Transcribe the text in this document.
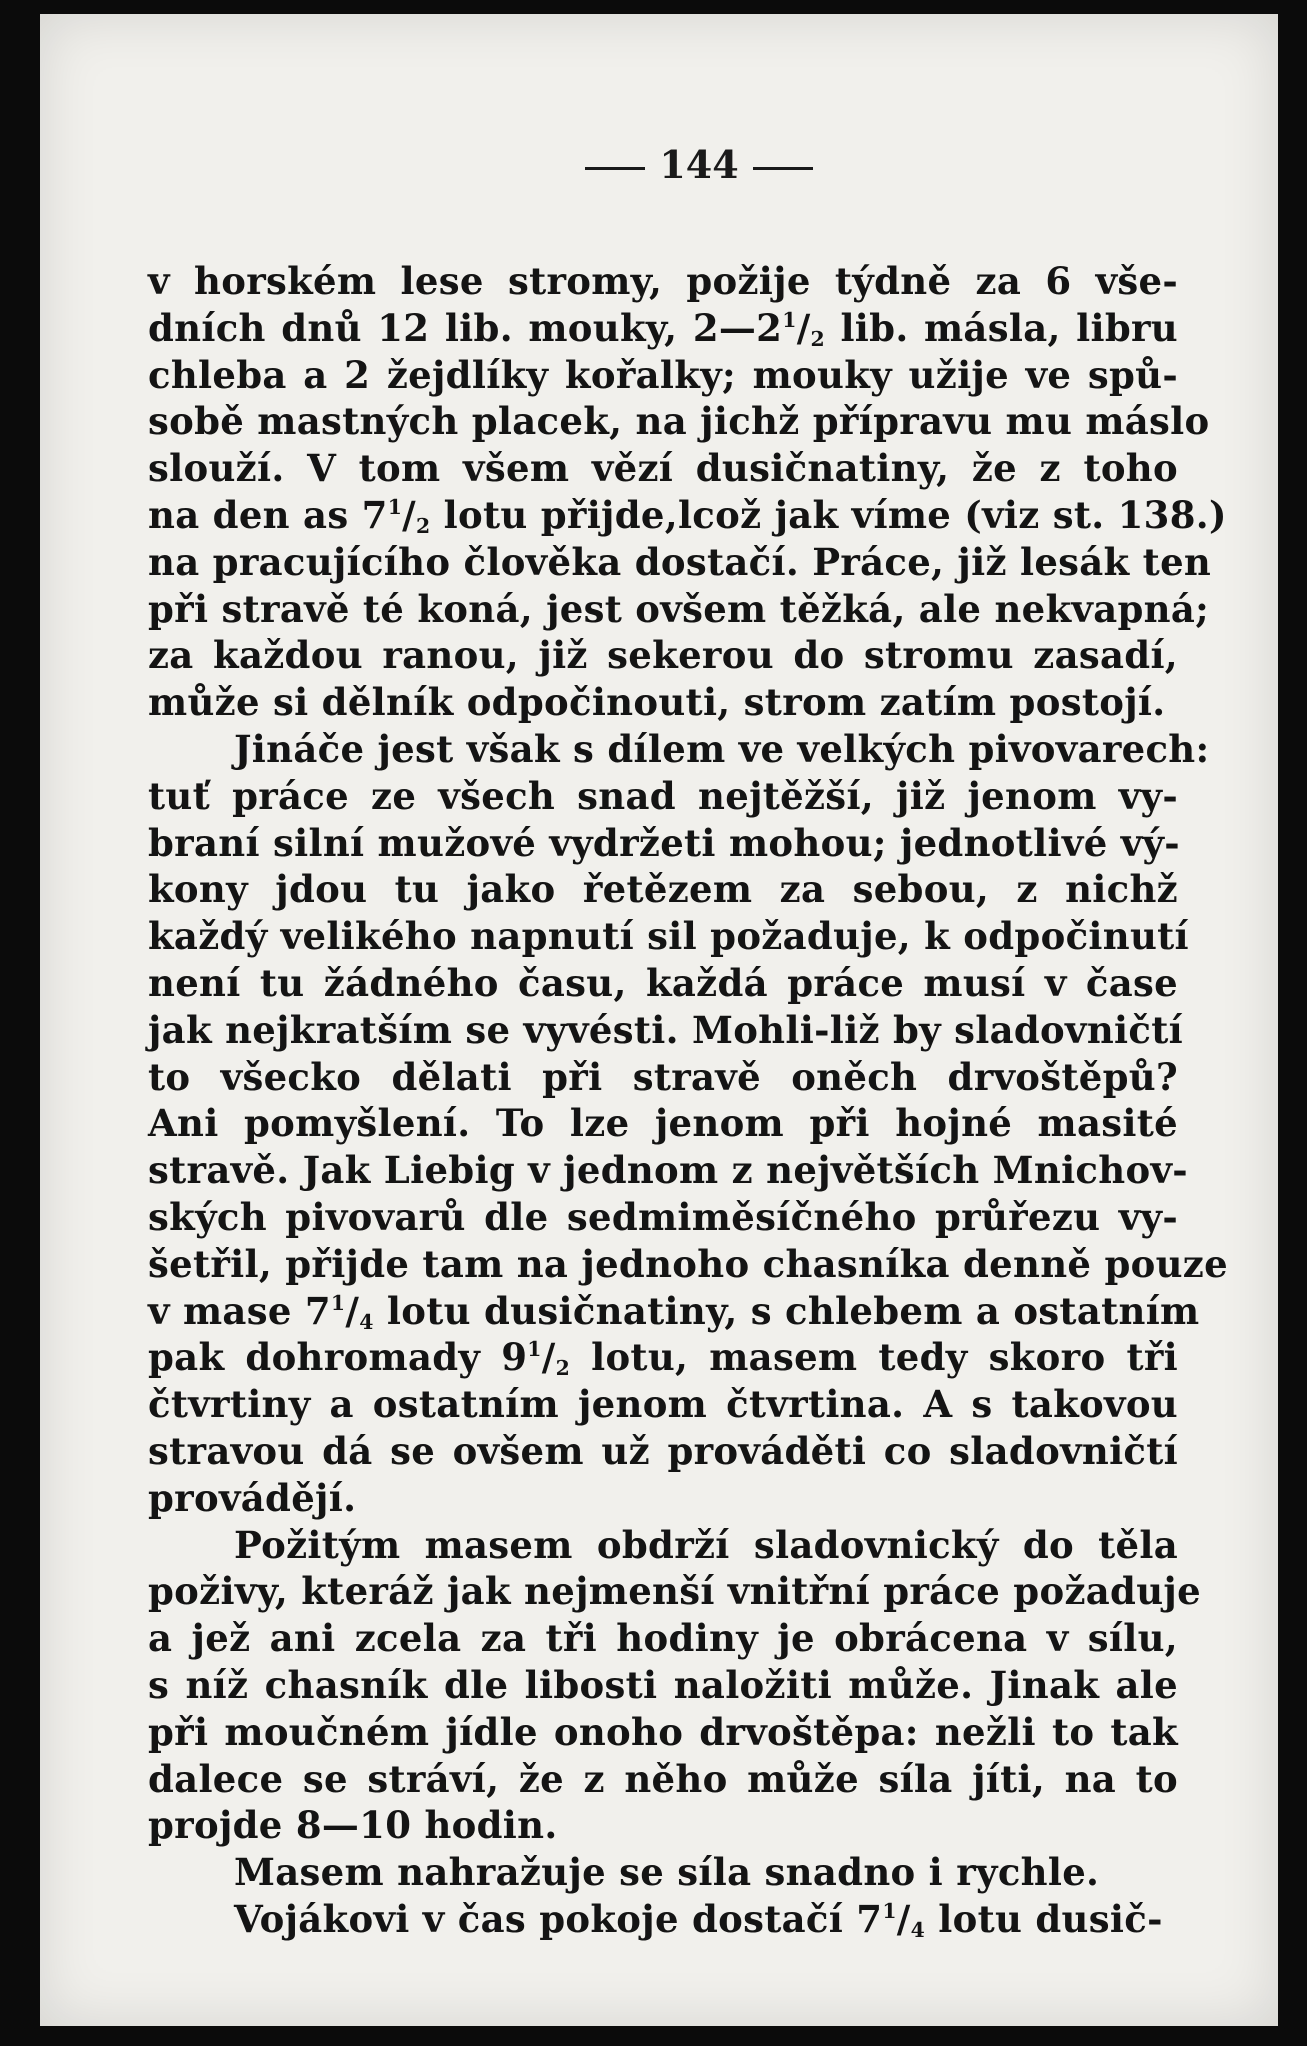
144
v horském lese stromy, požije týdně za 6 vše-
dních dnů 12 lib. mouky, $2—2^1/_2$ lib. másla, libru
chleba a 2 žejdlíky kořalky; mouky užije ve spů-
sobě mastných placek, na jichž přípravu mu máslo
slouží. V tom všem vězí dusičnatiny, že z toho
na den as $7^1/_2$ lotu přijde,lcož jak víme (viz st. 138.)
na pracujícího člověka dostačí. Práce, již lesák ten
při stravě té koná, jest ovšem těžká, ale nekvapná;
za každou ranou, již sekerou do stromu zasadí,
může si dělník odpočinouti, strom zatím postojí.
Jináče jest však s dílem ve velkých pivovarech:
tuť práce ze všech snad nejtěžší, již jenom vy-
braní silní mužové vydržeti mohou; jednotlivé vý-
kony jdou tu jako řetězem za sebou, z nichž
každý velikého napnutí sil požaduje, k odpočinutí
není tu žádného času, každá práce musí v čase
jak nejkratším se vyvésti. Mohli-liž by sladovničtí
to všecko dělati při stravě oněch drvoštěpů?
Ani pomyšlení. To lze jenom při hojné masité
stravě. Jak Liebig v jednom z největších Mnichov-
ských pivovarů dle sedmiměsíčného průřezu vy-
šetřil, přijde tam na jednoho chasníka denně pouze
v mase $7^1/_4$ lotu dusičnatiny, s chlebem a ostatním
pak dohromady $9^1/_2$ lotu, masem tedy skoro tři
čtvrtiny a ostatním jenom čtvrtina. A s takovou
stravou dá se ovšem už prováděti co sladovničtí
provádějí.
Požitým masem obdrží sladovnický do těla
poživy, kteráž jak nejmenší vnitřní práce požaduje
a jež ani zcela za tři hodiny je obrácena v sílu,
s níž chasník dle libosti naložiti může. Jinak ale
při moučném jídle onoho drvoštěpa: nežli to tak
dalece se stráví, že z něho může síla jíti, na to
projde 8—10 hodin.
Masem nahražuje se síla snadno i rychle.
Vojákovi v čas pokoje dostačí $7^1/_4$ lotu dusič-
